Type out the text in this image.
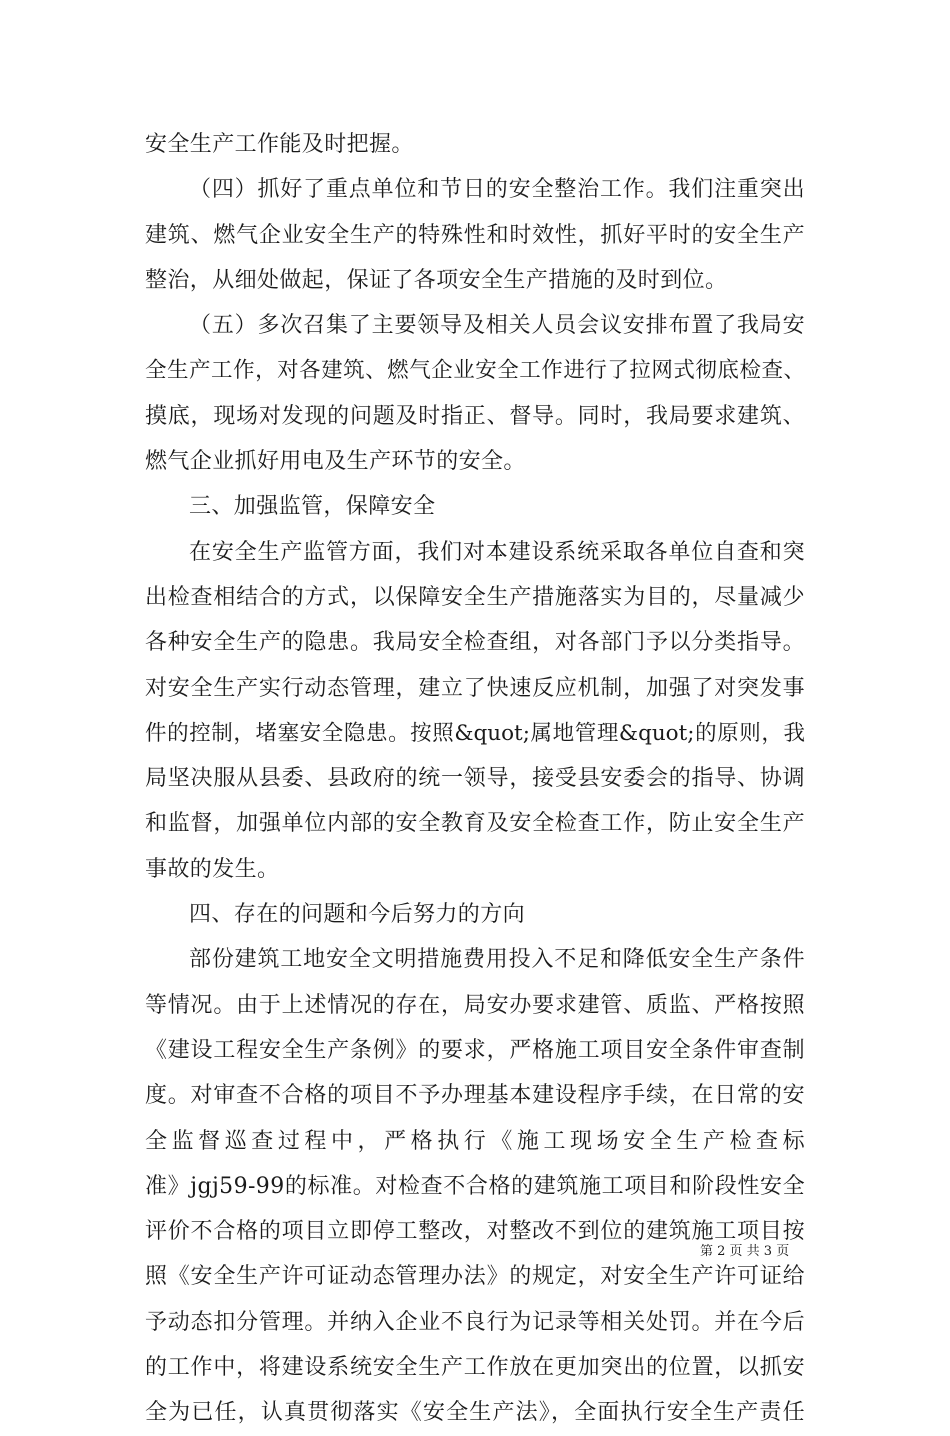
安全生产工作能及时把握。
（四）抓好了重点单位和节日的安全整治工作。我们注重突出
建筑、燃气企业安全生产的特殊性和时效性，抓好平时的安全生产
整治，从细处做起，保证了各项安全生产措施的及时到位。
（五）多次召集了主要领导及相关人员会议安排布置了我局安
全生产工作，对各建筑、燃气企业安全工作进行了拉网式彻底检查、
摸底，现场对发现的问题及时指正、督导。同时，我局要求建筑、
燃气企业抓好用电及生产环节的安全。
三、加强监管，保障安全
在安全生产监管方面，我们对本建设系统采取各单位自查和突
出检查相结合的方式，以保障安全生产措施落实为目的，尽量减少
各种安全生产的隐患。我局安全检查组，对各部门予以分类指导。
对安全生产实行动态管理，建立了快速反应机制，加强了对突发事
件的控制，堵塞安全隐患。按照&quot;属地管理&quot;的原则，我
局坚决服从县委、县政府的统一领导，接受县安委会的指导、协调
和监督，加强单位内部的安全教育及安全检查工作，防止安全生产
事故的发生。
四、存在的问题和今后努力的方向
部份建筑工地安全文明措施费用投入不足和降低安全生产条件
等情况。由于上述情况的存在，局安办要求建管、质监、严格按照
《建设工程安全生产条例》的要求，严格施工项目安全条件审查制
度。对审查不合格的项目不予办理基本建设程序手续，在日常的安
全监督巡查过程中，严格执行《施工现场安全生产检查标
准》jgj59-99的标准。对检查不合格的建筑施工项目和阶段性安全
评价不合格的项目立即停工整改，对整改不到位的建筑施工项目按
照《安全生产许可证动态管理办法》的规定，对安全生产许可证给
予动态扣分管理。并纳入企业不良行为记录等相关处罚。并在今后
的工作中，将建设系统安全生产工作放在更加突出的位置，以抓安
全为已任，认真贯彻落实《安全生产法》，全面执行安全生产责任
第 2 页 共 3 页
